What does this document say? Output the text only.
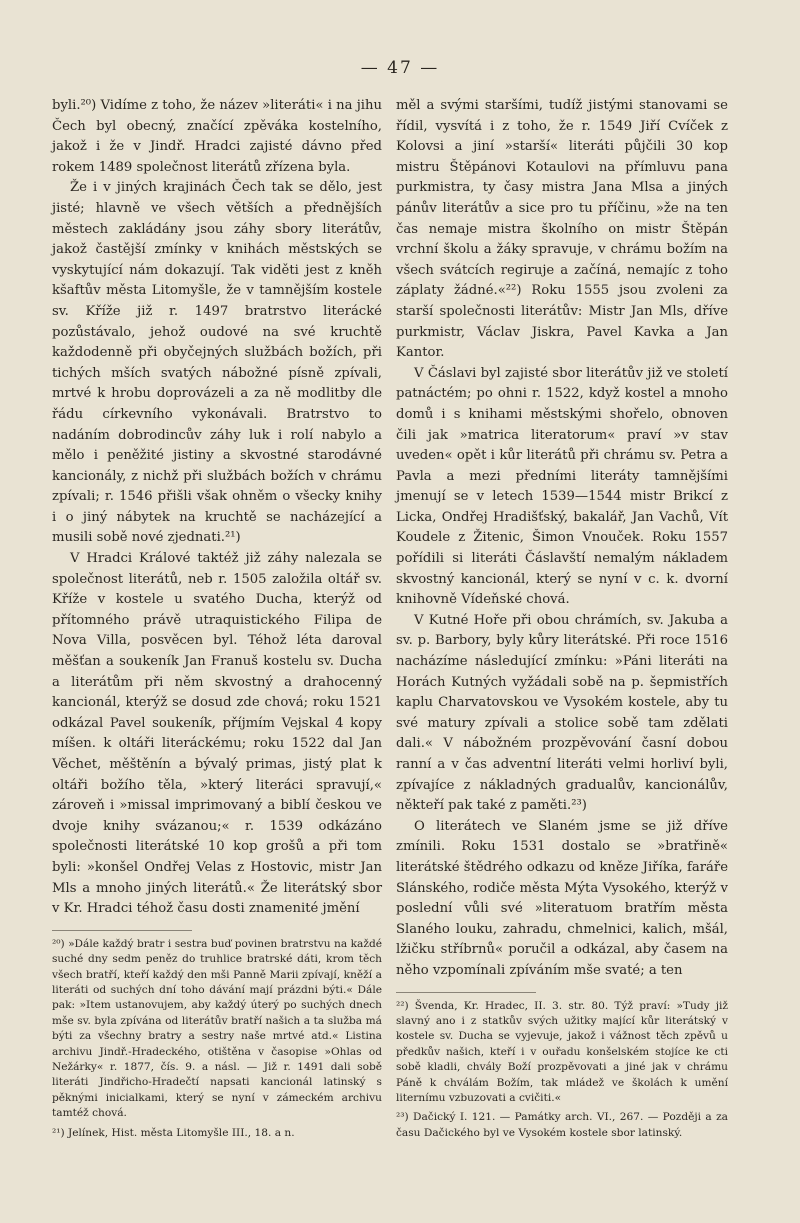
— 47 —

byli.²⁰) Vidíme z toho, že název »literáti« i na jihu Čech byl obecný, značící zpěváka kostelního, jakož i že v Jindř. Hradci zajisté dávno před rokem 1489 společnost literátů zřízena byla.

Že i v jiných krajinách Čech tak se dělo, jest jisté; hlavně ve všech větších a přednějších městech zakládány jsou záhy sbory literátův, jakož častější zmínky v knihách městských se vyskytující nám dokazují. Tak viděti jest z kněh kšaftův města Litomyšle, že v tamnějším kostele sv. Kříže již r. 1497 bratrstvo literácké pozůstávalo, jehož oudové na své kruchtě každodenně při obyčejných službách božích, při tichých mších svatých nábožné písně zpívali, mrtvé k hrobu doprovázeli a za ně modlitby dle řádu církevního vykonávali. Bratrstvo to nadáním dobrodincův záhy luk i rolí nabylo a mělo i peněžité jistiny a skvostné starodávné kancionály, z nichž při službách božích v chrámu zpívali; r. 1546 přišli však ohněm o všecky knihy i o jiný nábytek na kruchtě se nacházející a musili sobě nové zjednati.²¹)

V Hradci Králové taktéž již záhy nalezala se společnost literátů, neb r. 1505 založila oltář sv. Kříže v kostele u svatého Ducha, kterýž od přítomného právě utraquistického Filipa de Nova Villa, posvěcen byl. Téhož léta daroval měšťan a soukeník Jan Franuš kostelu sv. Ducha a literátům při něm skvostný a drahocenný kancionál, kterýž se dosud zde chová; roku 1521 odkázal Pavel soukeník, příjmím Vejskal 4 kopy míšen. k oltáři literáckému; roku 1522 dal Jan Věchet, měštěnín a bývalý primas, jistý plat k oltáři božího těla, »který literáci spravují,« zároveň i »missal imprimovaný a biblí českou ve dvoje knihy svázanou;« r. 1539 odkázáno společnosti literátské 10 kop grošů a při tom byli: »konšel Ondřej Velas z Hostovic, mistr Jan Mls a mnoho jiných literátů.« Že literátský sbor v Kr. Hradci téhož času dosti znamenité jmění

²⁰) »Dále každý bratr i sestra buď povinen bratrstvu na každé suché dny sedm peněz do truhlice bratrské dáti, krom těch všech bratří, kteří každý den mši Panně Marii zpívají, kněží a literáti od suchých dní toho dávání mají prázdni býti.« Dále pak: »Item ustanovujem, aby každý úterý po suchých dnech mše sv. byla zpívána od literátův bratří našich a ta služba má býti za všechny bratry a sestry naše mrtvé atd.« Listina archivu Jindř.-Hradeckého, otištěna v časopise »Ohlas od Nežárky« r. 1877, čís. 9. a násl. — Již r. 1491 dali sobě literáti Jindřicho-Hradečtí napsati kancionál latinský s pěknými inicialkami, který se nyní v zámeckém archivu tamtéž chová.

²¹) Jelínek, Hist. města Litomyšle III., 18. a n.

měl a svými staršími, tudíž jistými stanovami se řídil, vysvítá i z toho, že r. 1549 Jiří Cvíček z Kolovsi a jiní »starší« literáti půjčili 30 kop mistru Štěpánovi Kotaulovi na přímluvu pana purkmistra, ty časy mistra Jana Mlsa a jiných pánův literátův a sice pro tu příčinu, »že na ten čas nemaje mistra školního on mistr Štěpán vrchní školu a žáky spravuje, v chrámu božím na všech svátcích regiruje a začíná, nemajíc z toho záplaty žádné.«²²) Roku 1555 jsou zvoleni za starší společnosti literátův: Mistr Jan Mls, dříve purkmistr, Václav Jiskra, Pavel Kavka a Jan Kantor.

V Čáslavi byl zajisté sbor literátův již ve století patnáctém; po ohni r. 1522, když kostel a mnoho domů i s knihami městskými shořelo, obnoven čili jak »matrica literatorum« praví »v stav uveden« opět i kůr literátů při chrámu sv. Petra a Pavla a mezi předními literáty tamnějšími jmenují se v letech 1539—1544 mistr Brikcí z Licka, Ondřej Hradišťský, bakalář, Jan Vachů, Vít Koudele z Žitenic, Šimon Vnouček. Roku 1557 pořídili si literáti Čáslavští nemalým nákladem skvostný kancionál, který se nyní v c. k. dvorní knihovně Vídeňské chová.

V Kutné Hoře při obou chrámích, sv. Jakuba a sv. p. Barbory, byly kůry literátské. Při roce 1516 nacházíme následující zmínku: »Páni literáti na Horách Kutných vyžádali sobě na p. šepmistřích kaplu Charvatovskou ve Vysokém kostele, aby tu své matury zpívali a stolice sobě tam zdělati dali.« V nábožném prozpěvování časní dobou ranní a v čas adventní literáti velmi horliví byli, zpívajíce z nákladných gradualův, kancionálův, někteří pak také z paměti.²³)

O literátech ve Slaném jsme se již dříve zmínili. Roku 1531 dostalo se »bratřině« literátské štědrého odkazu od kněze Jiříka, faráře Slánského, rodiče města Mýta Vysokého, kterýž v poslední vůli své »literatuom bratřím města Slaného louku, zahradu, chmelnici, kalich, mšál, lžičku stříbrnů« poručil a odkázal, aby časem na něho vzpomínali zpíváním mše svaté; a ten

²²) Švenda, Kr. Hradec, II. 3. str. 80. Týž praví: »Tudy již slavný ano i z statkův svých užitky mající kůr literátský v kostele sv. Ducha se vyjevuje, jakož i vážnost těch zpěvů u předkův našich, kteří i v ouřadu konšelském stojíce ke cti sobě kladli, chvály Boží prozpěvovati a jiné jak v chrámu Páně k chválám Božím, tak mládež ve školách k umění liternímu vzbuzovati a cvičiti.«

²³) Dačický I. 121. — Památky arch. VI., 267. — Později a za času Dačického byl ve Vysokém kostele sbor latinský.
